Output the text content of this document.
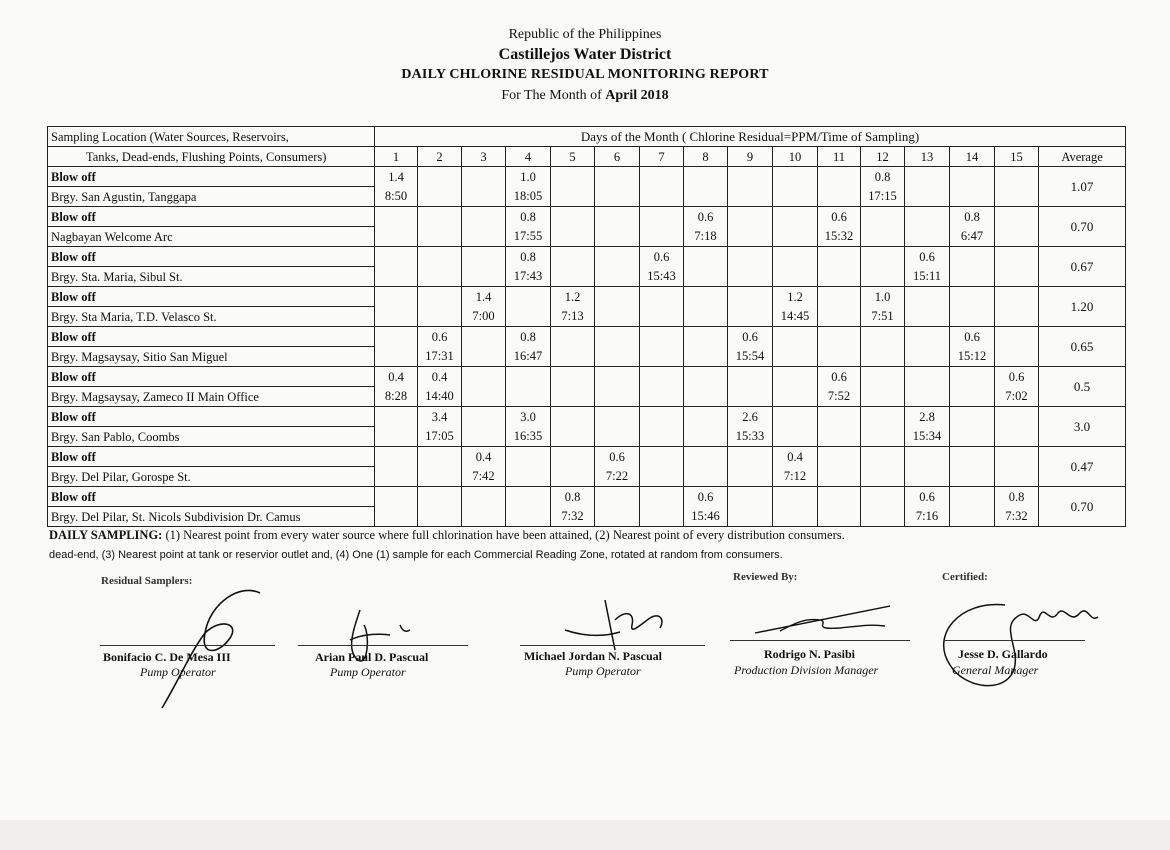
Republic of the Philippines
Castillejos Water District
DAILY CHLORINE RESIDUAL MONITORING REPORT
For The Month of April 2018
Sampling Location (Water Sources, Reservoirs,	Days of the Month ( Chlorine Residual=PPM/Time of Sampling)															
Tanks, Dead-ends, Flushing Points, Consumers)	1	2	3	4	5	6	7	8	9	10	11	12	13	14	15	Average
Blow off	1.4			1.0								0.8				1.07
Brgy. San Agustin, Tanggapa	8:50			18:05								17:15				
Blow off				0.8				0.6			0.6			0.8		0.70
Nagbayan Welcome Arc				17:55				7:18			15:32			6:47		
Blow off				0.8			0.6						0.6			0.67
Brgy. Sta. Maria, Sibul St.				17:43			15:43						15:11			
Blow off			1.4		1.2					1.2		1.0				1.20
Brgy. Sta Maria, T.D. Velasco St.			7:00		7:13					14:45		7:51				
Blow off		0.6		0.8					0.6					0.6		0.65
Brgy. Magsaysay, Sitio San Miguel		17:31		16:47					15:54					15:12		
Blow off	0.4	0.4									0.6				0.6	0.5
Brgy. Magsaysay, Zameco II Main Office	8:28	14:40									7:52				7:02	
Blow off		3.4		3.0					2.6				2.8			3.0
Brgy. San Pablo, Coombs		17:05		16:35					15:33				15:34			
Blow off			0.4			0.6				0.4						0.47
Brgy. Del Pilar, Gorospe St.			7:42			7:22				7:12						
Blow off					0.8			0.6					0.6		0.8	0.70
Brgy. Del Pilar, St. Nicols Subdivision Dr. Camus					7:32			15:46					7:16		7:32	
DAILY SAMPLING: (1) Nearest point from every water source where full chlorination have been attained, (2) Nearest point of every distribution consumers.
dead-end, (3) Nearest point at tank or reservior outlet and, (4) One (1) sample for each Commercial Reading Zone, rotated at random from consumers.
Residual Samplers:	Reviewed By:	Certified:
Bonifacio C. De Mesa III
Pump Operator
Arian Paul D. Pascual
Pump Operator
Michael Jordan N. Pascual
Pump Operator
Rodrigo N. Pasibi
Production Division Manager
Jesse D. Gallardo
General Manager
